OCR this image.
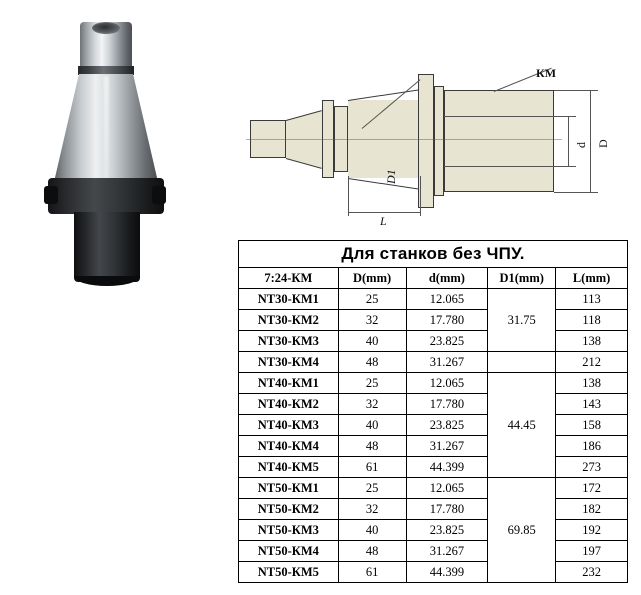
КМ
d D
D1
L
Для станков без ЧПУ.				
7:24-КМ	D(mm)	d(mm)	D1(mm)	L(mm)
NT30-КМ1	25	12.065	31.75	113
NT30-КМ2	32	17.780		118
NT30-КМ3	40	23.825		138
NT30-КМ4	48	31.267		212
NT40-КМ1	25	12.065	44.45	138
NT40-КМ2	32	17.780		143
NT40-КМ3	40	23.825		158
NT40-КМ4	48	31.267		186
NT40-КМ5	61	44.399		273
NT50-КМ1	25	12.065	69.85	172
NT50-КМ2	32	17.780		182
NT50-КМ3	40	23.825		192
NT50-КМ4	48	31.267		197
NT50-КМ5	61	44.399		232
